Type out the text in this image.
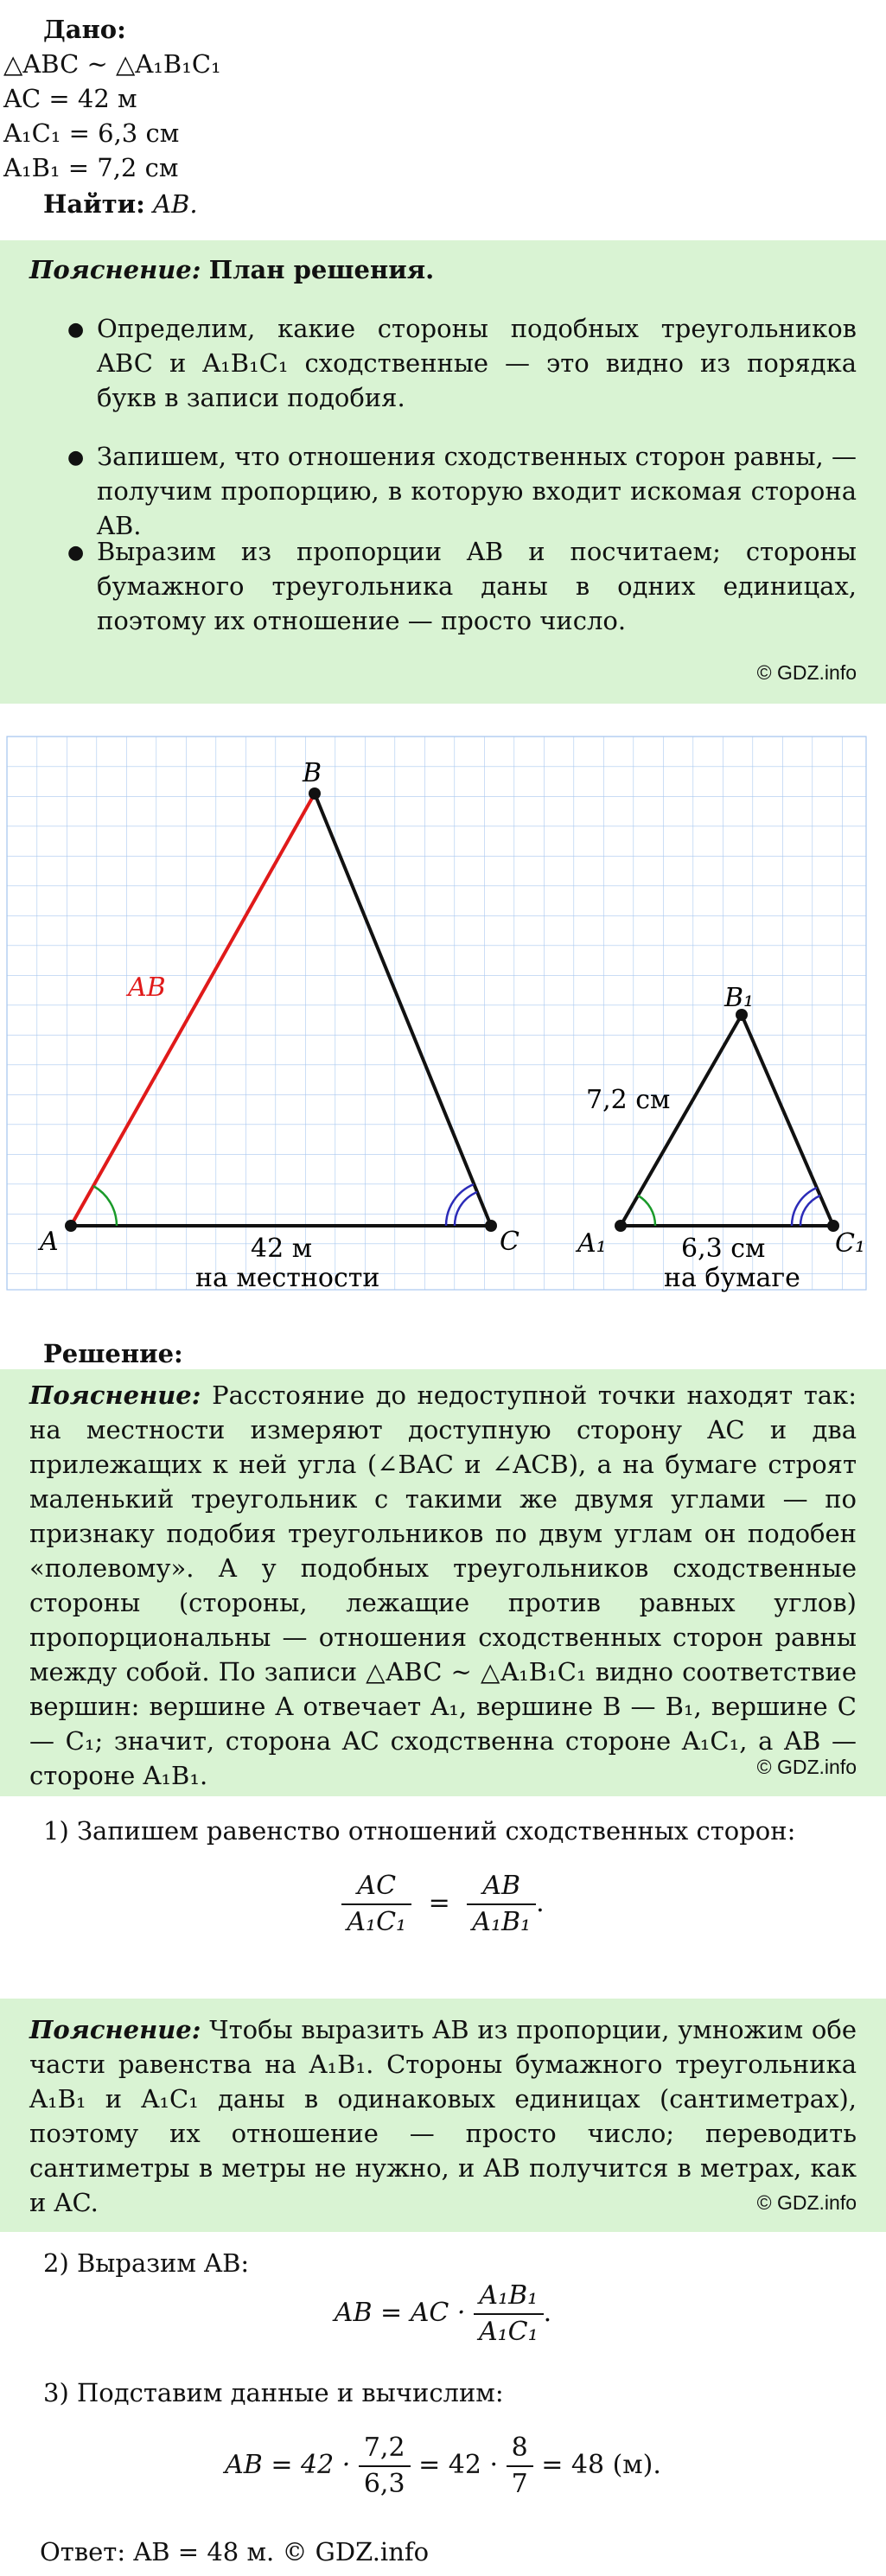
Дано:
△ABC ~ △A₁B₁C₁
AC = 42 м
A₁C₁ = 6,3 см
A₁B₁ = 7,2 см
Найти: AB.
Пояснение: План решения.
● Определим, какие стороны подобных треугольников ABC и A₁B₁C₁ сходственные — это видно из порядка букв в записи подобия.
● Запишем, что отношения сходственных сторон равны, — получим пропорцию, в которую входит искомая сторона AB.
● Выразим из пропорции AB и посчитаем; стороны бумажного треугольника даны в одних единицах, поэтому их отношение — просто число.
© GDZ.info
A
B
C
AB
42 м
на местности
A₁
B₁
C₁
7,2 см
6,3 см
на бумаге
Решение:
Пояснение: Расстояние до недоступной точки находят так: на местности измеряют доступную сторону AC и два прилежащих к ней угла (∠BAC и ∠ACB), а на бумаге строят маленький треугольник с такими же двумя углами — по признаку подобия треугольников по двум углам он подобен «полевому». А у подобных треугольников сходственные стороны (стороны, лежащие против равных углов) пропорциональны — отношения сходственных сторон равны между собой. По записи △ABC ~ △A₁B₁C₁ видно соответствие вершин: вершине A отвечает A₁, вершине B — B₁, вершине C — C₁; значит, сторона AC сходственна стороне A₁C₁, а AB — стороне A₁B₁.	© GDZ.info
1) Запишем равенство отношений сходственных сторон:
$\frac{AC}{\text{A₁C₁}} = \frac{AB}{\text{A₁B₁}}$ .
Пояснение: Чтобы выразить AB из пропорции, умножим обе части равенства на A₁B₁. Стороны бумажного треугольника A₁B₁ и A₁C₁ даны в одинаковых единицах (сантиметрах), поэтому их отношение — просто число; переводить сантиметры в метры не нужно, и AB получится в метрах, как и AC.	© GDZ.info
2) Выразим AB:
AB = AC · $\frac{\text{A₁B₁}}{\text{A₁C₁}}$ .
3) Подставим данные и вычислим:
AB = $42 \cdot \frac{7,2}{6,3} = 42 \cdot \frac{8}{7} = 48$ (м).
Ответ: AB = 48 м. © GDZ.info
